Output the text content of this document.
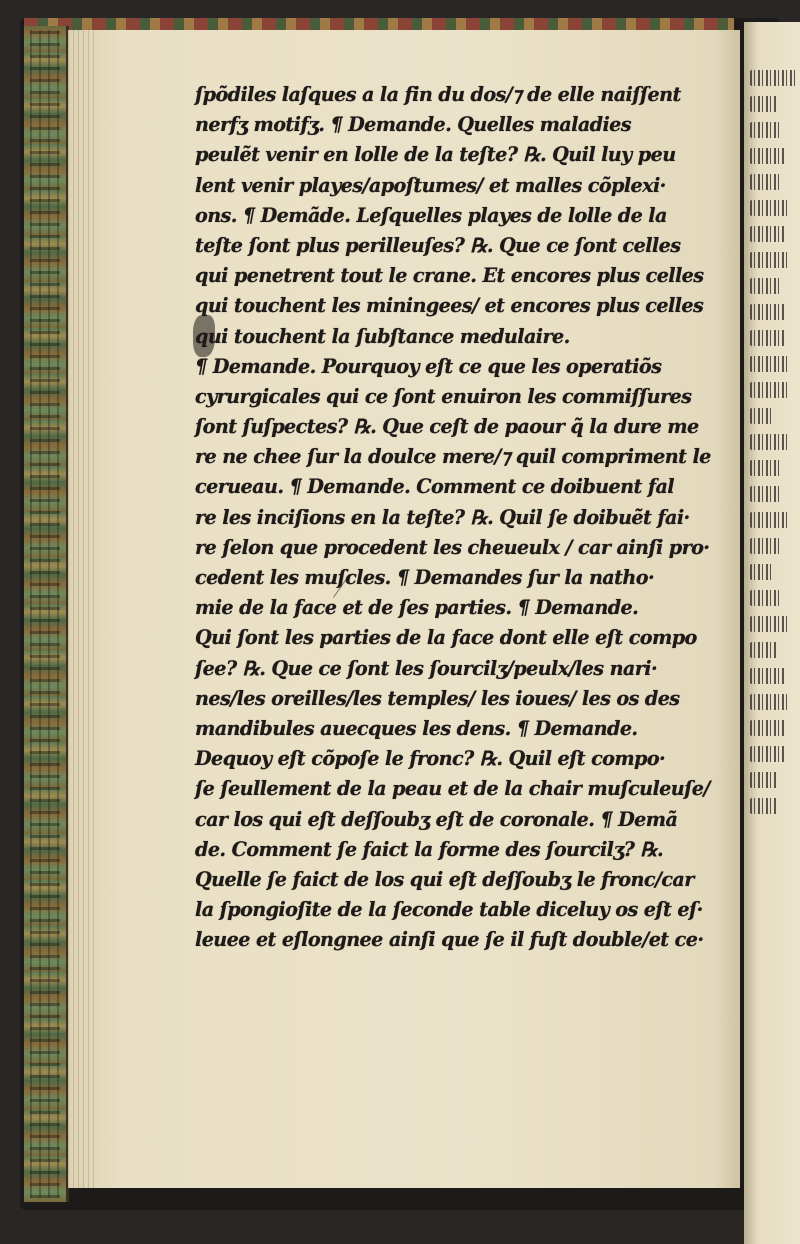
ſpõdiles laſques a la fin du dos/⁊ de elle naiſſent
nerfʒ motifʒ. ¶ Demande. Quelles maladies
peulẽt venir en lolle de la teſte? ℞. Quil luy peu
lent venir playes/apoſtumes/ et malles cõplexi·
ons. ¶ Demãde. Leſquelles playes de lolle de la
teſte ſont plus perilleuſes? ℞. Que ce ſont celles
qui penetrent tout le crane. Et encores plus celles
qui touchent les miningees/ et encores plus celles
qui touchent la ſubſtance medulaire.
¶ Demande. Pourquoy eſt ce que les operatiõs
cyrurgicales qui ce ſont enuiron les commiſſures
ſont ſuſpectes? ℞. Que ceſt de paour q̃ la dure me
re ne chee ſur la doulce mere/⁊ quil compriment le
cerueau. ¶ Demande. Comment ce doibuent fal
re les inciſions en la teſte? ℞. Quil ſe doibuẽt fai·
re ſelon que procedent les cheueulx / car ainſi pro·
cedent les muſcles. ¶ Demandes ſur la natho·
mie de la face et de ſes parties. ¶ Demande.
Qui ſont les parties de la face dont elle eſt compo
ſee? ℞. Que ce ſont les ſourcilʒ/peulx/les nari·
nes/les oreilles/les temples/ les ioues/ les os des
mandibules auecques les dens. ¶ Demande.
Dequoy eſt cõpoſe le fronc? ℞. Quil eſt compo·
ſe ſeullement de la peau et de la chair muſculeuſe/
car los qui eſt deſſoubʒ eſt de coronale. ¶ Demã
de. Comment ſe faict la forme des ſourcilʒ? ℞.
Quelle ſe faict de los qui eſt deſſoubʒ le fronc/car
la ſpongioſite de la ſeconde table diceluy os eſt eſ·
leuee et eſlongnee ainſi que ſe il fuſt double/et ce·
